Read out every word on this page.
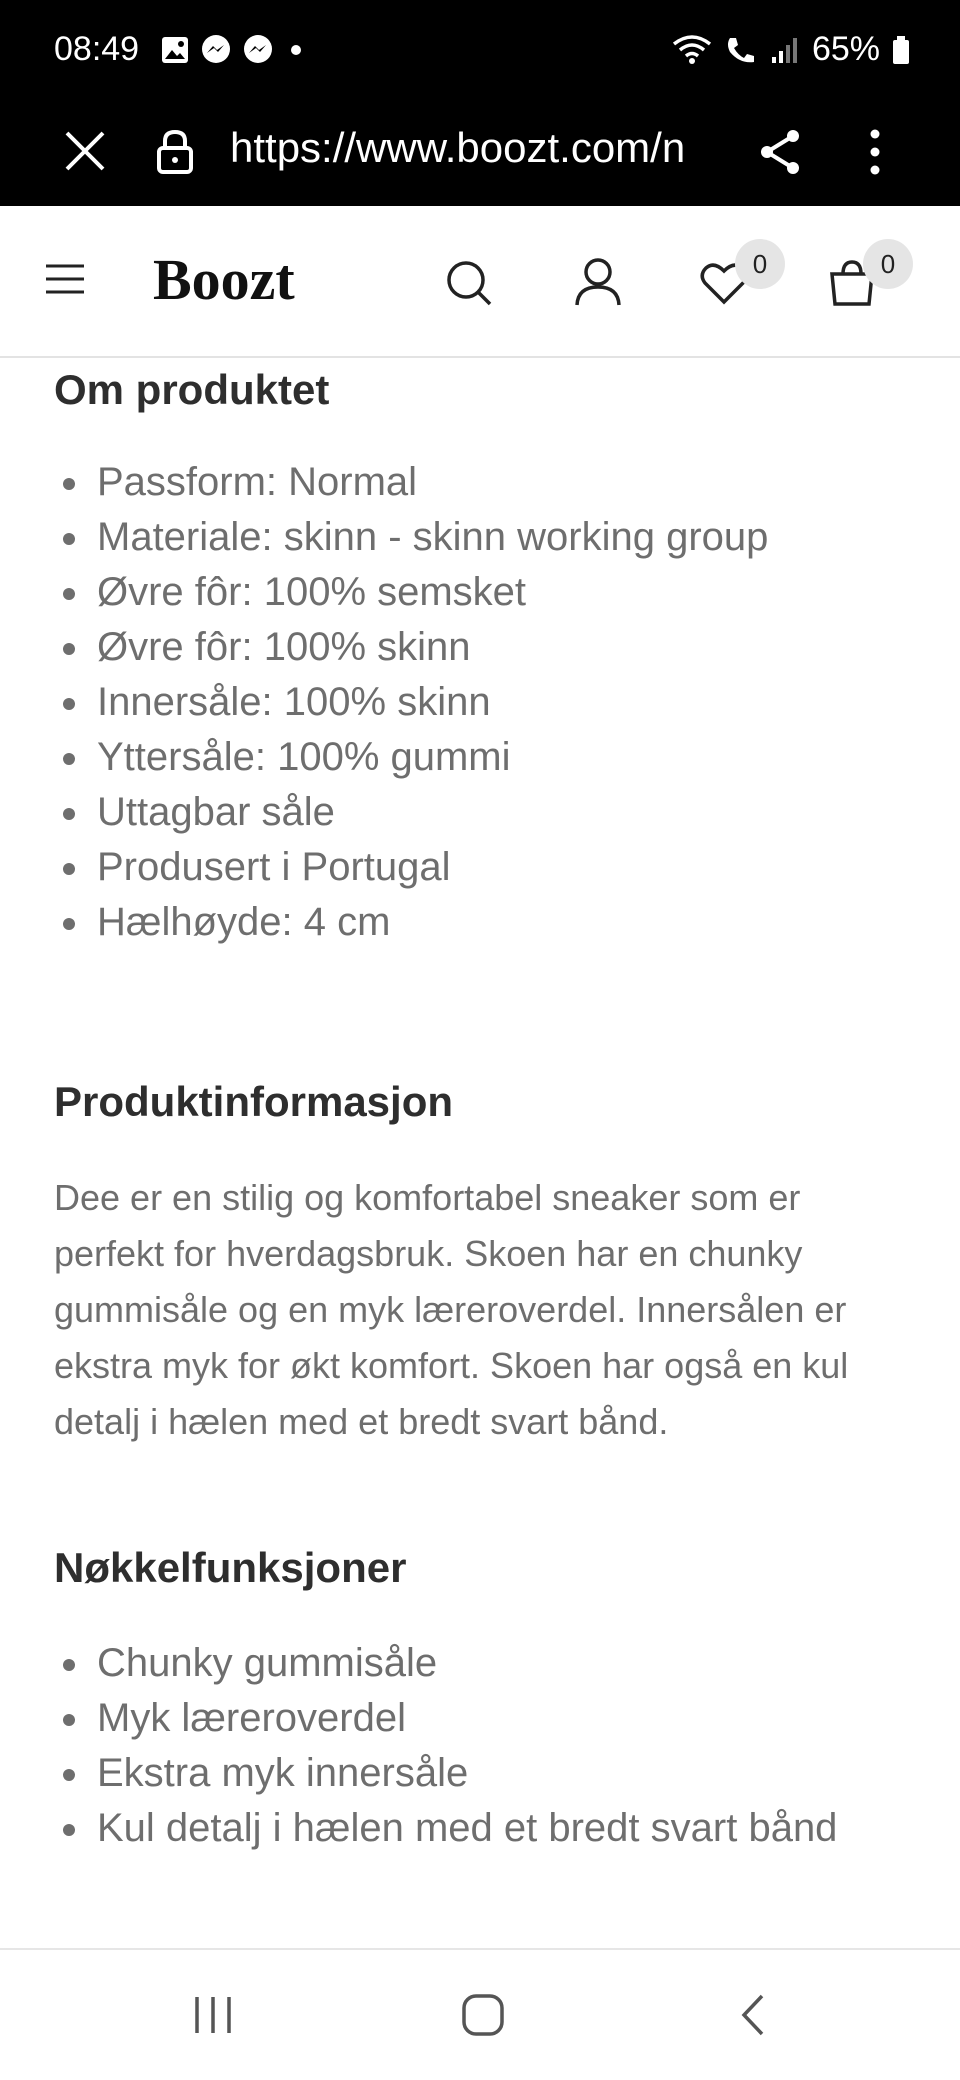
08:49	65%
https://www.boozt.com/n
Boozt	0	0
Om produktet
Passform: Normal
Materiale: skinn - skinn working group
Øvre fôr: 100% semsket
Øvre fôr: 100% skinn
Innersåle: 100% skinn
Yttersåle: 100% gummi
Uttagbar såle
Produsert i Portugal
Hælhøyde: 4 cm
Produktinformasjon
Dee er en stilig og komfortabel sneaker som er
perfekt for hverdagsbruk. Skoen har en chunky
gummisåle og en myk læreroverdel. Innersålen er
ekstra myk for økt komfort. Skoen har også en kul
detalj i hælen med et bredt svart bånd.
Nøkkelfunksjoner
Chunky gummisåle
Myk læreroverdel
Ekstra myk innersåle
Kul detalj i hælen med et bredt svart bånd
